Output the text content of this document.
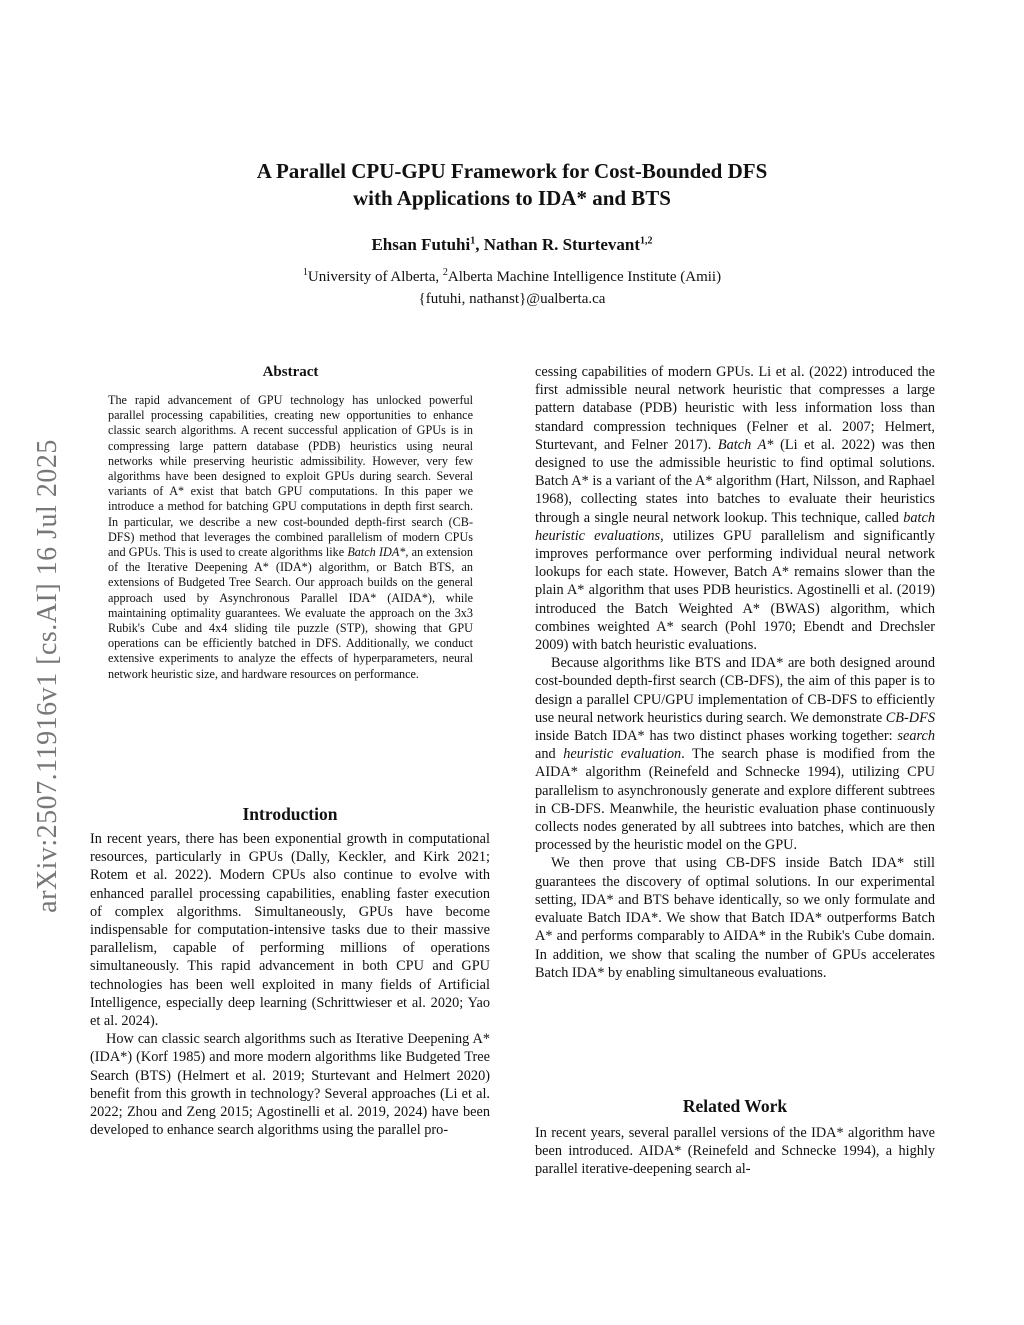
A Parallel CPU-GPU Framework for Cost-Bounded DFS
with Applications to IDA* and BTS
Ehsan Futuhi$^1$, Nathan R. Sturtevant$^{1,2}$
$^1$University of Alberta, $^2$Alberta Machine Intelligence Institute (Amii)
{futuhi, nathanst}@ualberta.ca
arXiv:2507.11916v1 [cs.AI] 16 Jul 2025
Abstract
The rapid advancement of GPU technology has unlocked powerful parallel processing capabilities, creating new opportunities to enhance classic search algorithms. A recent successful application of GPUs is in compressing large pattern database (PDB) heuristics using neural networks while preserving heuristic admissibility. However, very few algorithms have been designed to exploit GPUs during search. Several variants of A* exist that batch GPU computations. In this paper we introduce a method for batching GPU computations in depth first search. In particular, we describe a new cost-bounded depth-first search (CB-DFS) method that leverages the combined parallelism of modern CPUs and GPUs. This is used to create algorithms like Batch IDA*, an extension of the Iterative Deepening A* (IDA*) algorithm, or Batch BTS, an extensions of Budgeted Tree Search. Our approach builds on the general approach used by Asynchronous Parallel IDA* (AIDA*), while maintaining optimality guarantees. We evaluate the approach on the 3x3 Rubik's Cube and 4x4 sliding tile puzzle (STP), showing that GPU operations can be efficiently batched in DFS. Additionally, we conduct extensive experiments to analyze the effects of hyperparameters, neural network heuristic size, and hardware resources on performance.
Introduction

In recent years, there has been exponential growth in computational resources, particularly in GPUs (Dally, Keckler, and Kirk 2021; Rotem et al. 2022). Modern CPUs also continue to evolve with enhanced parallel processing capabilities, enabling faster execution of complex algorithms. Simultaneously, GPUs have become indispensable for computation-intensive tasks due to their massive parallelism, capable of performing millions of operations simultaneously. This rapid advancement in both CPU and GPU technologies has been well exploited in many fields of Artificial Intelligence, especially deep learning (Schrittwieser et al. 2020; Yao et al. 2024).

How can classic search algorithms such as Iterative Deepening A* (IDA*) (Korf 1985) and more modern algorithms like Budgeted Tree Search (BTS) (Helmert et al. 2019; Sturtevant and Helmert 2020) benefit from this growth in technology? Several approaches (Li et al. 2022; Zhou and Zeng 2015; Agostinelli et al. 2019, 2024) have been developed to enhance search algorithms using the parallel pro-

cessing capabilities of modern GPUs. Li et al. (2022) introduced the first admissible neural network heuristic that compresses a large pattern database (PDB) heuristic with less information loss than standard compression techniques (Felner et al. 2007; Helmert, Sturtevant, and Felner 2017). Batch A* (Li et al. 2022) was then designed to use the admissible heuristic to find optimal solutions. Batch A* is a variant of the A* algorithm (Hart, Nilsson, and Raphael 1968), collecting states into batches to evaluate their heuristics through a single neural network lookup. This technique, called batch heuristic evaluations, utilizes GPU parallelism and significantly improves performance over performing individual neural network lookups for each state. However, Batch A* remains slower than the plain A* algorithm that uses PDB heuristics. Agostinelli et al. (2019) introduced the Batch Weighted A* (BWAS) algorithm, which combines weighted A* search (Pohl 1970; Ebendt and Drechsler 2009) with batch heuristic evaluations.

Because algorithms like BTS and IDA* are both designed around cost-bounded depth-first search (CB-DFS), the aim of this paper is to design a parallel CPU/GPU implementation of CB-DFS to efficiently use neural network heuristics during search. We demonstrate CB-DFS inside Batch IDA* has two distinct phases working together: search and heuristic evaluation. The search phase is modified from the AIDA* algorithm (Reinefeld and Schnecke 1994), utilizing CPU parallelism to asynchronously generate and explore different subtrees in CB-DFS. Meanwhile, the heuristic evaluation phase continuously collects nodes generated by all subtrees into batches, which are then processed by the heuristic model on the GPU.

We then prove that using CB-DFS inside Batch IDA* still guarantees the discovery of optimal solutions. In our experimental setting, IDA* and BTS behave identically, so we only formulate and evaluate Batch IDA*. We show that Batch IDA* outperforms Batch A* and performs comparably to AIDA* in the Rubik's Cube domain. In addition, we show that scaling the number of GPUs accelerates Batch IDA* by enabling simultaneous evaluations.

Related Work

In recent years, several parallel versions of the IDA* algorithm have been introduced. AIDA* (Reinefeld and Schnecke 1994), a highly parallel iterative-deepening search al-
